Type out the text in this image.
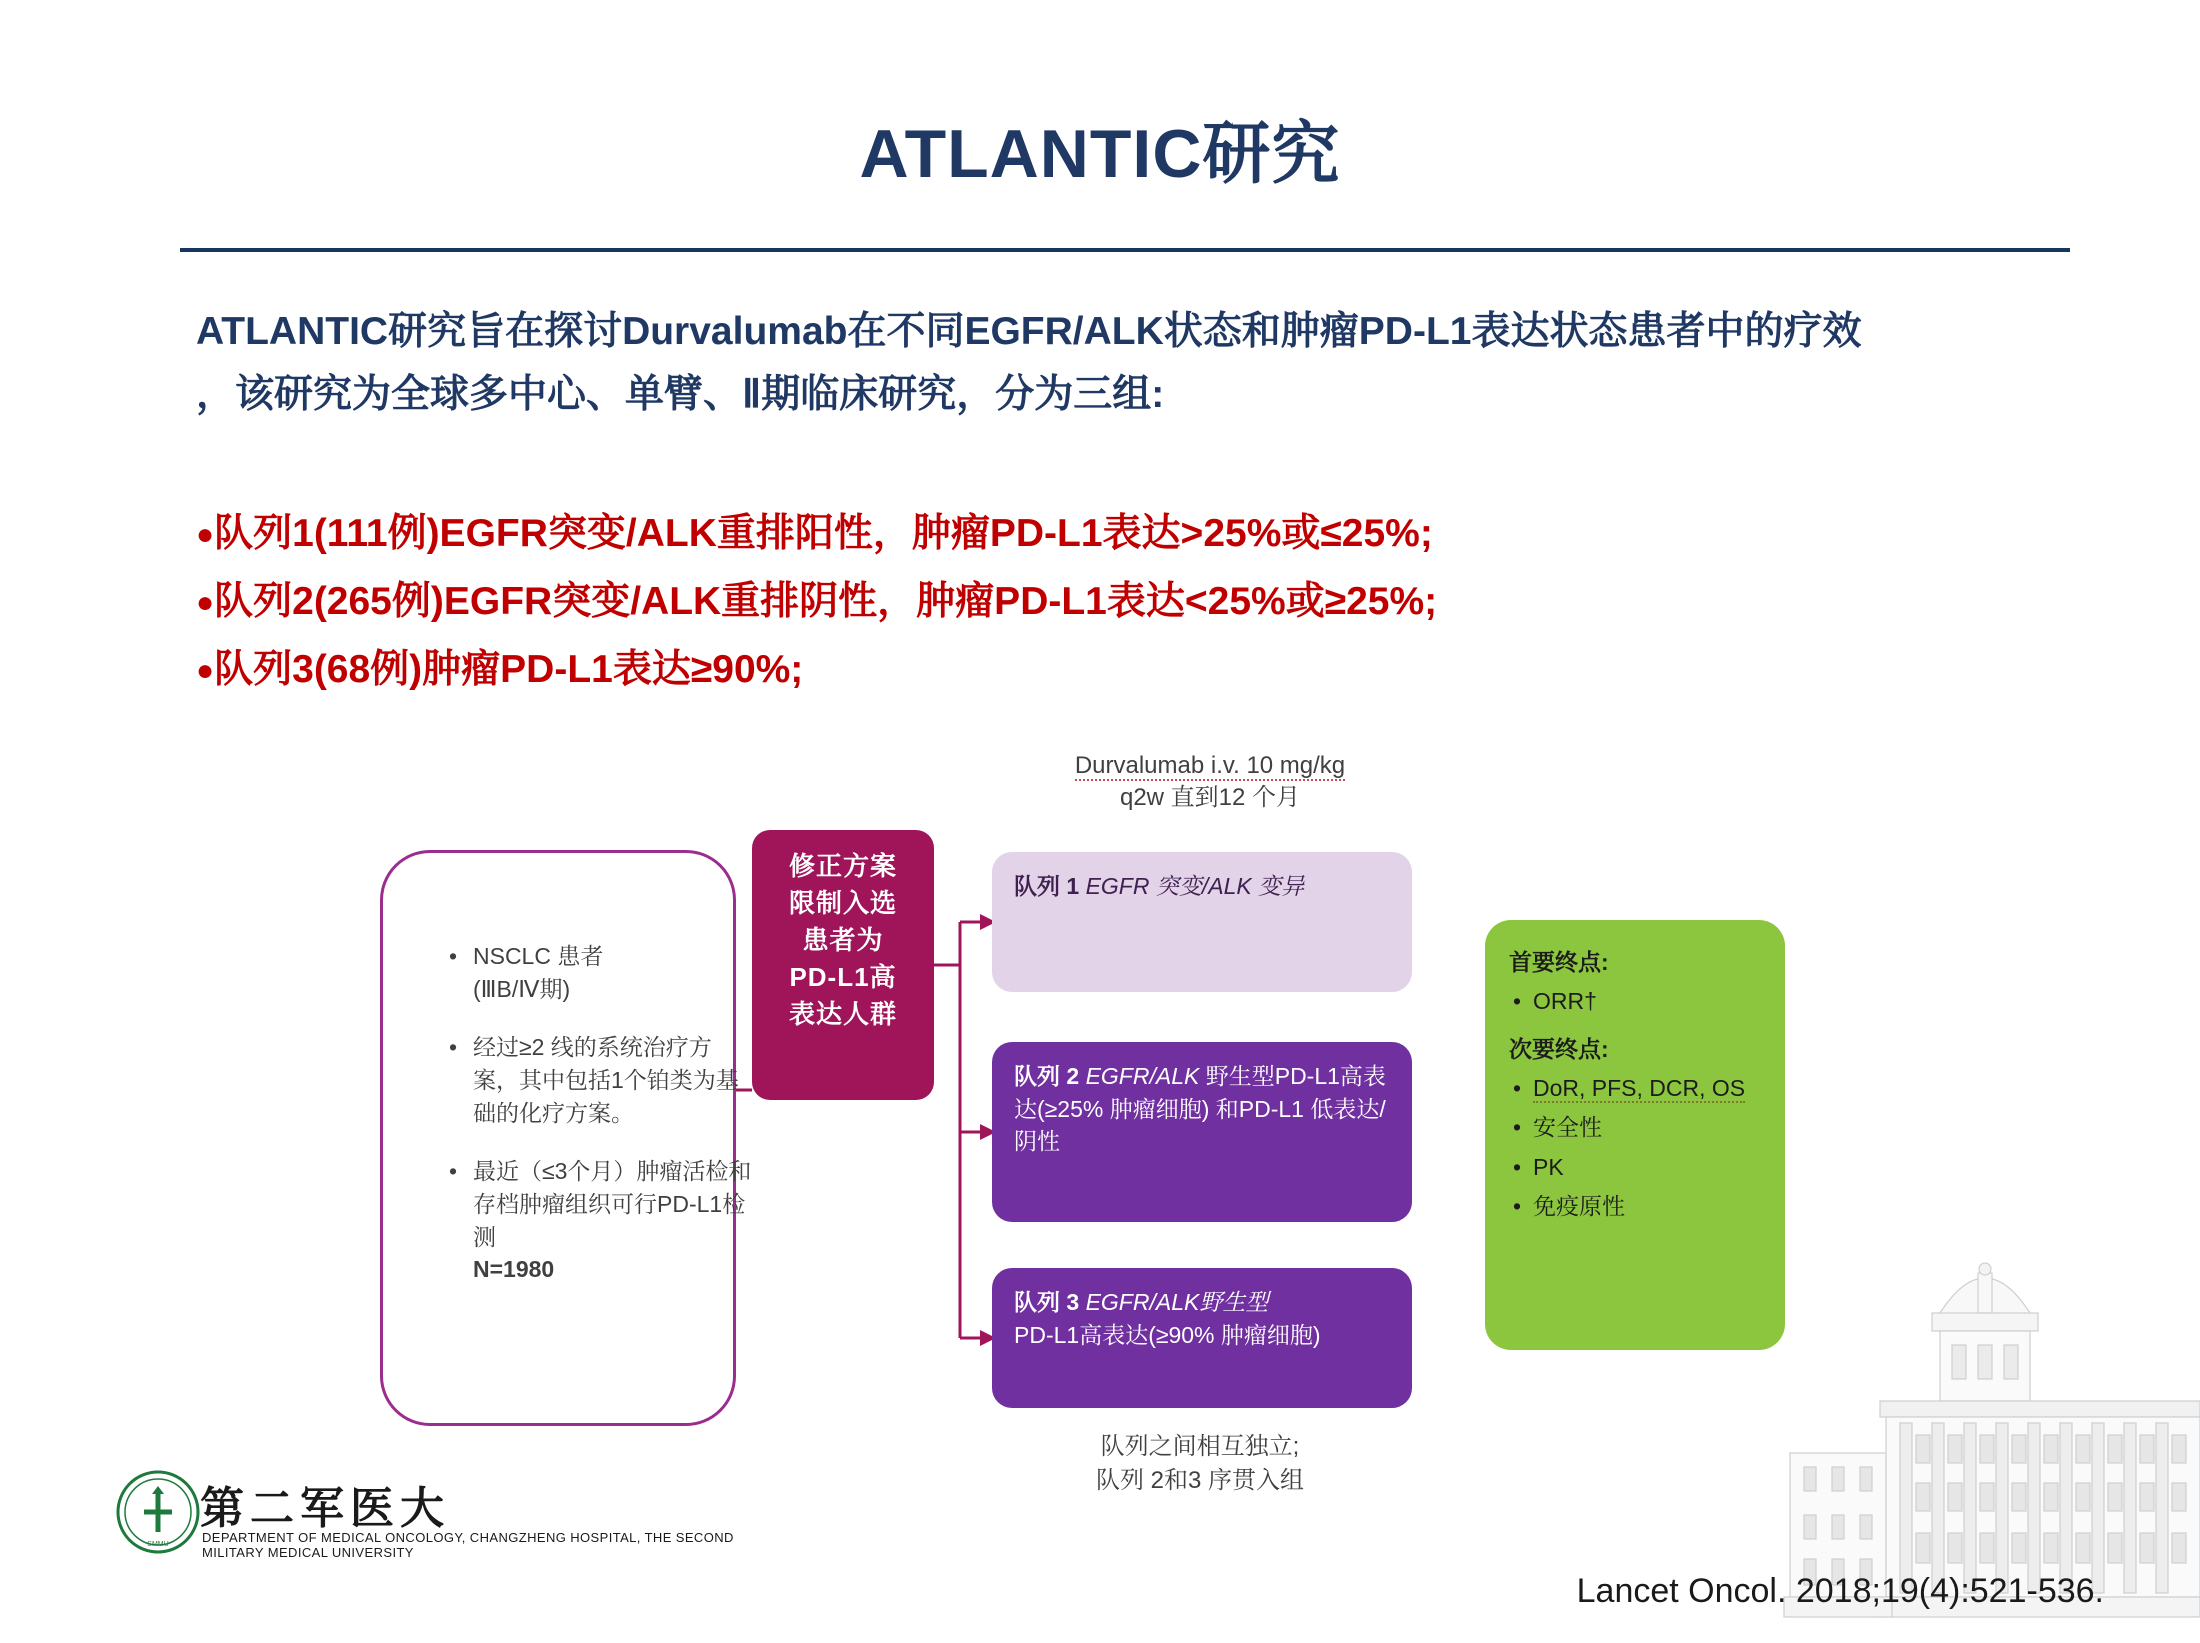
ATLANTIC研究
ATLANTIC研究旨在探讨Durvalumab在不同EGFR/ALK状态和肿瘤PD-L1表达状态患者中的疗效
，该研究为全球多中心、单臂、Ⅱ期临床研究，分为三组:
●队列1(111例)EGFR突变/ALK重排阳性，肿瘤PD-L1表达>25%或≤25%;
●队列2(265例)EGFR突变/ALK重排阴性，肿瘤PD-L1表达<25%或≥25%;
●队列3(68例)肿瘤PD-L1表达≥90%;
Durvalumab i.v. 10 mg/kg
q2w 直到12 个月
• NSCLC 患者
(ⅢB/Ⅳ期)
• 经过≥2 线的系统治疗方案，其中包括1个铂类为基础的化疗方案。
• 最近（≤3个月）肿瘤活检和存档肿瘤组织可行PD-L1检测
N=1980
修正方案
限制入选
患者为
PD-L1高
表达人群
队列 1 EGFR 突变/ALK 变异
队列 2 EGFR/ALK 野生型PD-L1高表达(≥25% 肿瘤细胞) 和PD-L1 低表达/阴性
队列 3 EGFR/ALK野生型
PD-L1高表达(≥90% 肿瘤细胞)
首要终点:
• ORR†
次要终点:
• DoR, PFS, DCR, OS
• 安全性
• PK
• 免疫原性
队列之间相互独立;
队列 2和3 序贯入组
SMMU
第二军医大
DEPARTMENT OF MEDICAL ONCOLOGY, CHANGZHENG HOSPITAL, THE SECOND MILITARY MEDICAL UNIVERSITY
Lancet Oncol. 2018;19(4):521-536.
